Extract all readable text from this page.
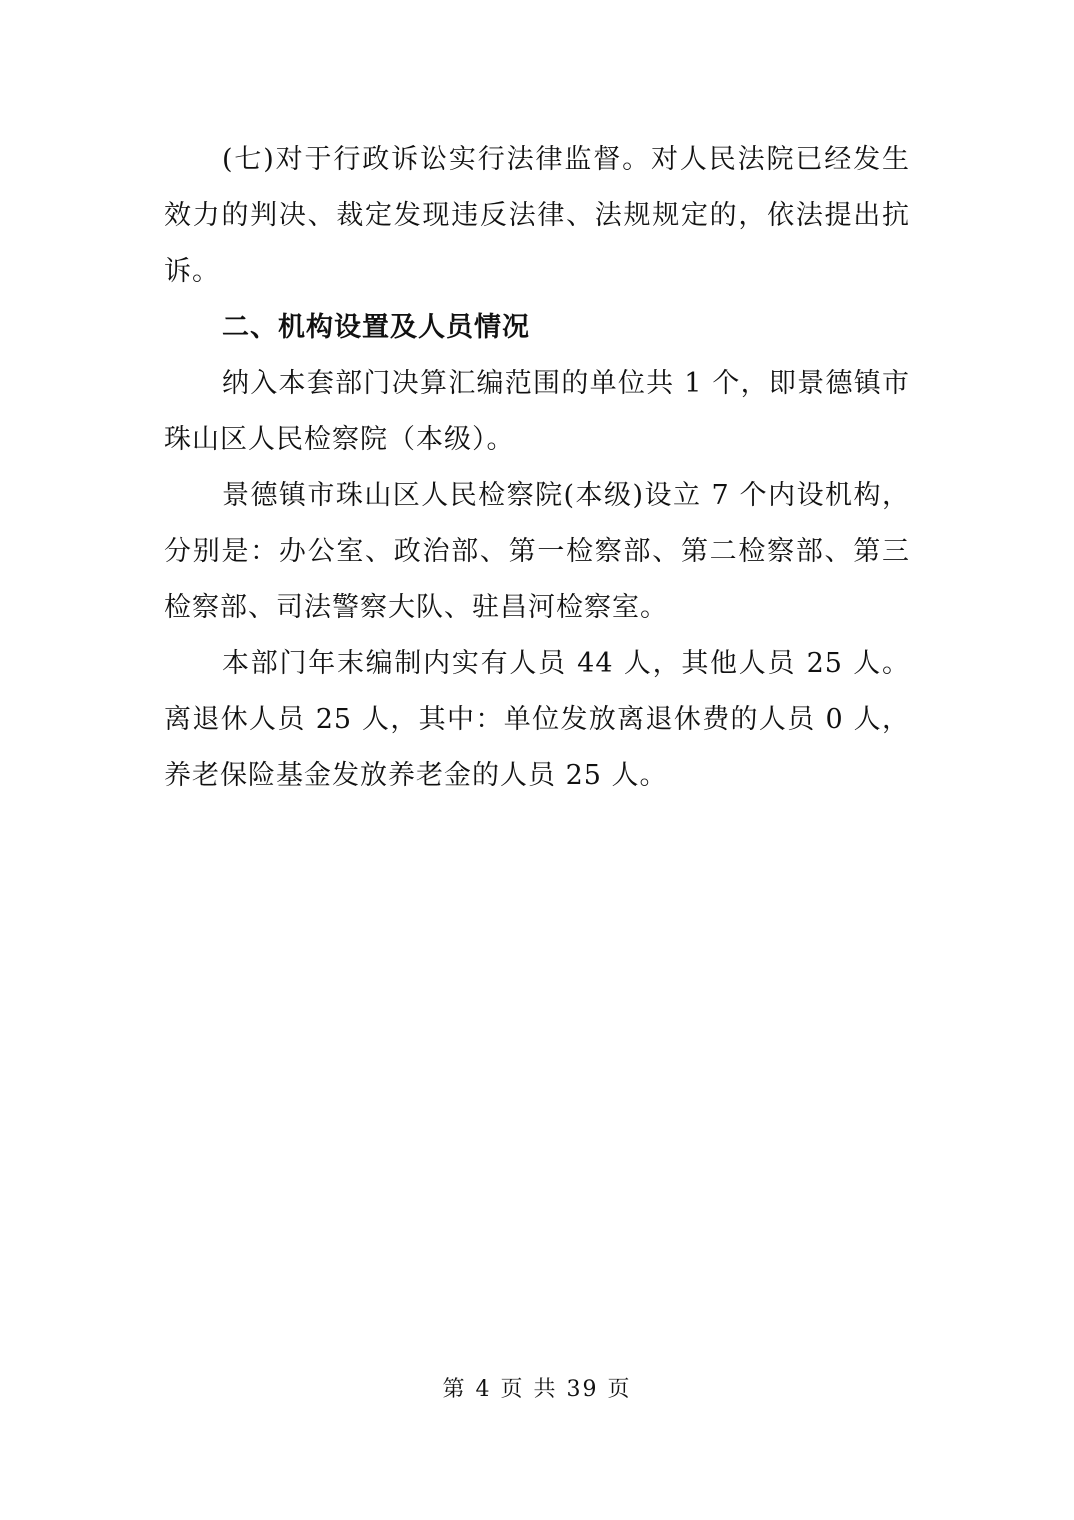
(七)对于行政诉讼实行法律监督。对人民法院已经发生效力的判决、裁定发现违反法律、法规规定的，依法提出抗诉。

二、机构设置及人员情况

纳入本套部门决算汇编范围的单位共 1 个，即景德镇市珠山区人民检察院（本级）。

景德镇市珠山区人民检察院(本级)设立 7 个内设机构，分别是：办公室、政治部、第一检察部、第二检察部、第三检察部、司法警察大队、驻昌河检察室。

本部门年末编制内实有人员 44 人，其他人员 25 人。离退休人员 25 人，其中：单位发放离退休费的人员 0 人，养老保险基金发放养老金的人员 25 人。

第 4 页 共 39 页
